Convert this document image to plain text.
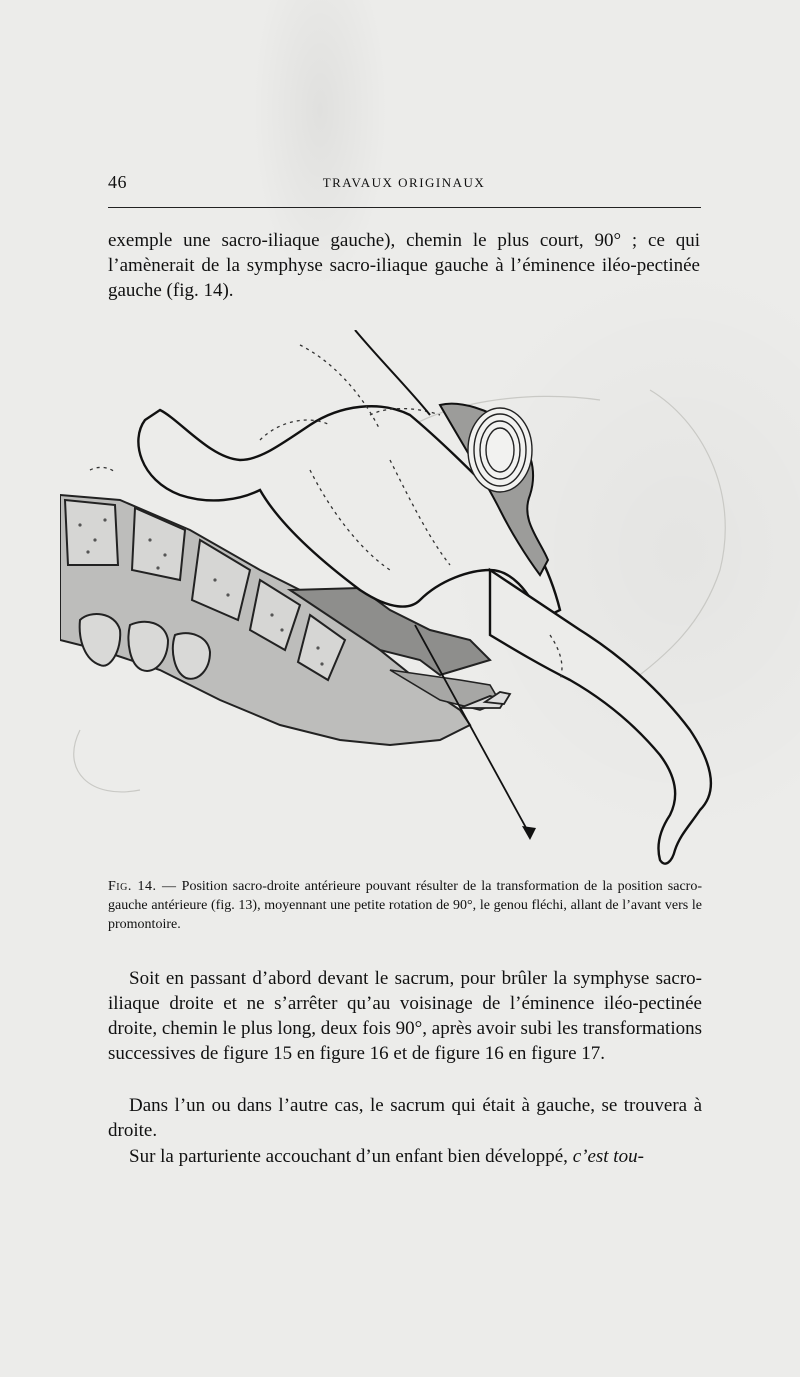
46	TRAVAUX ORIGINAUX

exemple une sacro-iliaque gauche), chemin le plus court, 90° ; ce qui l’amènerait de la symphyse sacro-iliaque gauche à l’éminence iléo-pectinée gauche (fig. 14).

Fig. 14. — Position sacro-droite antérieure pouvant résulter de la transformation de la position sacro-gauche antérieure (fig. 13), moyennant une petite rotation de 90°, le genou fléchi, allant de l’avant vers le promontoire.

Soit en passant d’abord devant le sacrum, pour brûler la symphyse sacro-iliaque droite et ne s’arrêter qu’au voisinage de l’éminence iléo-pectinée droite, chemin le plus long, deux fois 90°, après avoir subi les transformations successives de figure 15 en figure 16 et de figure 16 en figure 17.

Dans l’un ou dans l’autre cas, le sacrum qui était à gauche, se trouvera à droite.

Sur la parturiente accouchant d’un enfant bien développé, c’est tou-
